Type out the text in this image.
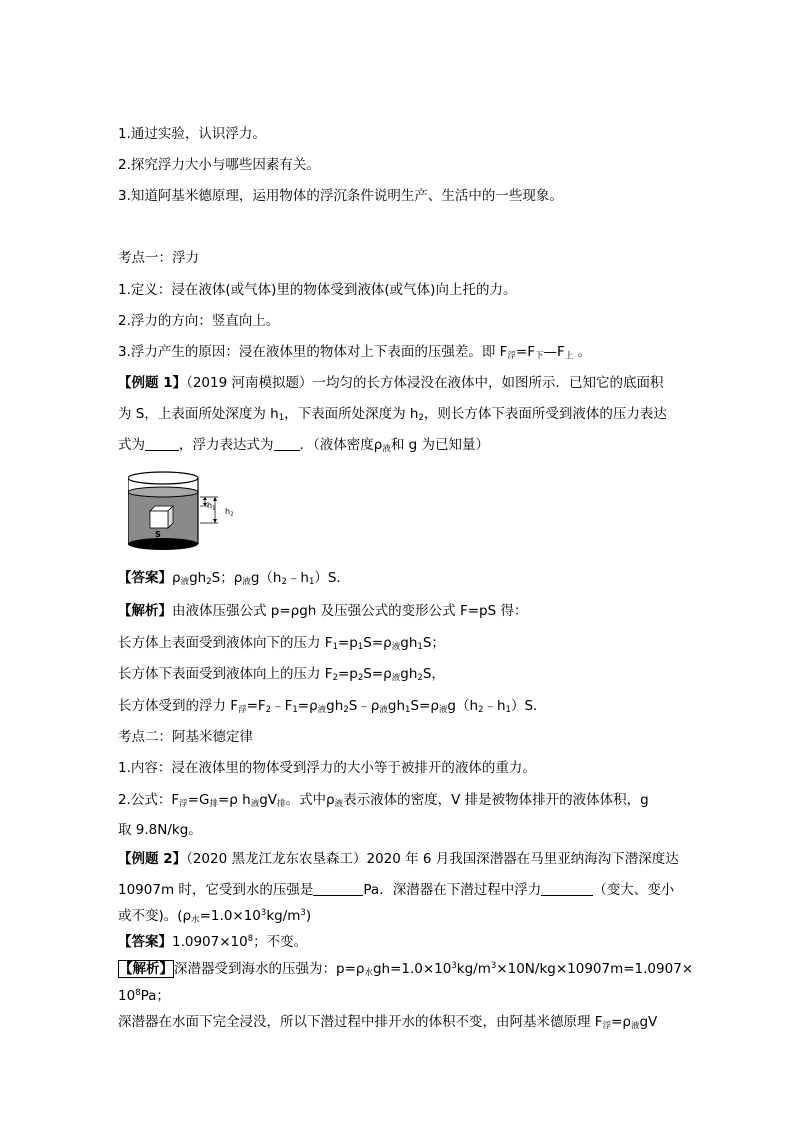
1.通过实验，认识浮力。
2.探究浮力大小与哪些因素有关。
3.知道阿基米德原理，运用物体的浮沉条件说明生产、生活中的一些现象。
考点一：浮力
1.定义：浸在液体(或气体)里的物体受到液体(或气体)向上托的力。
2.浮力的方向：竖直向上。
3.浮力产生的原因：浸在液体里的物体对上下表面的压强差。即 $F_浮=F_下—F_上$ 。
【例题 1】（2019 河南模拟题）一均匀的长方体浸没在液体中，如图所示．已知它的底面积
为 S，上表面所处深度为 $h_1$，下表面所处深度为 $h_2$，则长方体下表面所受到液体的压力表达
式为	，浮力表达式为 ．（液体密度$\rho_液$和 g 为已知量）
S
h1 h2
【答案】$\rho_液gh_2S$；$\rho_液g(h_2﹣h_1)S$．
【解析】由液体压强公式 p=ρgh 及压强公式的变形公式 F=pS 得：
长方体上表面受到液体向下的压力 $F_1=p_1S=\rho_液gh_1S$；
长方体下表面受到液体向上的压力 $F_2=p_2S=\rho_液gh_2S$，
长方体受到的浮力 $F_浮=F_2﹣F_1=\rho_液gh_2S﹣\rho_液gh_1S=\rho_液g(h_2﹣h_1)S$．
考点二：阿基米德定律
1.内容：浸在液体里的物体受到浮力的大小等于被排开的液体的重力。
2.公式：$F_浮=G_排=\rho$ $h_液gV_排$。式中$\rho_液$表示液体的密度，V 排是被物体排开的液体体积，g
取 9.8N/kg。
【例题 2】（2020 黑龙江龙东农垦森工）2020 年 6 月我国深潜器在马里亚纳海沟下潜深度达
10907m 时，它受到水的压强是	Pa．深潜器在下潜过程中浮力	（变大、变小
或不变)。$(\rho_水=1.0\times 10^3kg/m^3)$
【答案】$1.0907\times 10^8$；不变。
【解析】深潜器受到海水的压强为：$p=\rho_水gh=1.0\times 10^3kg/m^3\times 10N/kg\times 10907m=1.0907\times$
$10^8Pa$；
深潜器在水面下完全浸没，所以下潜过程中排开水的体积不变，由阿基米德原理 $F_浮=\rho_液gV$
